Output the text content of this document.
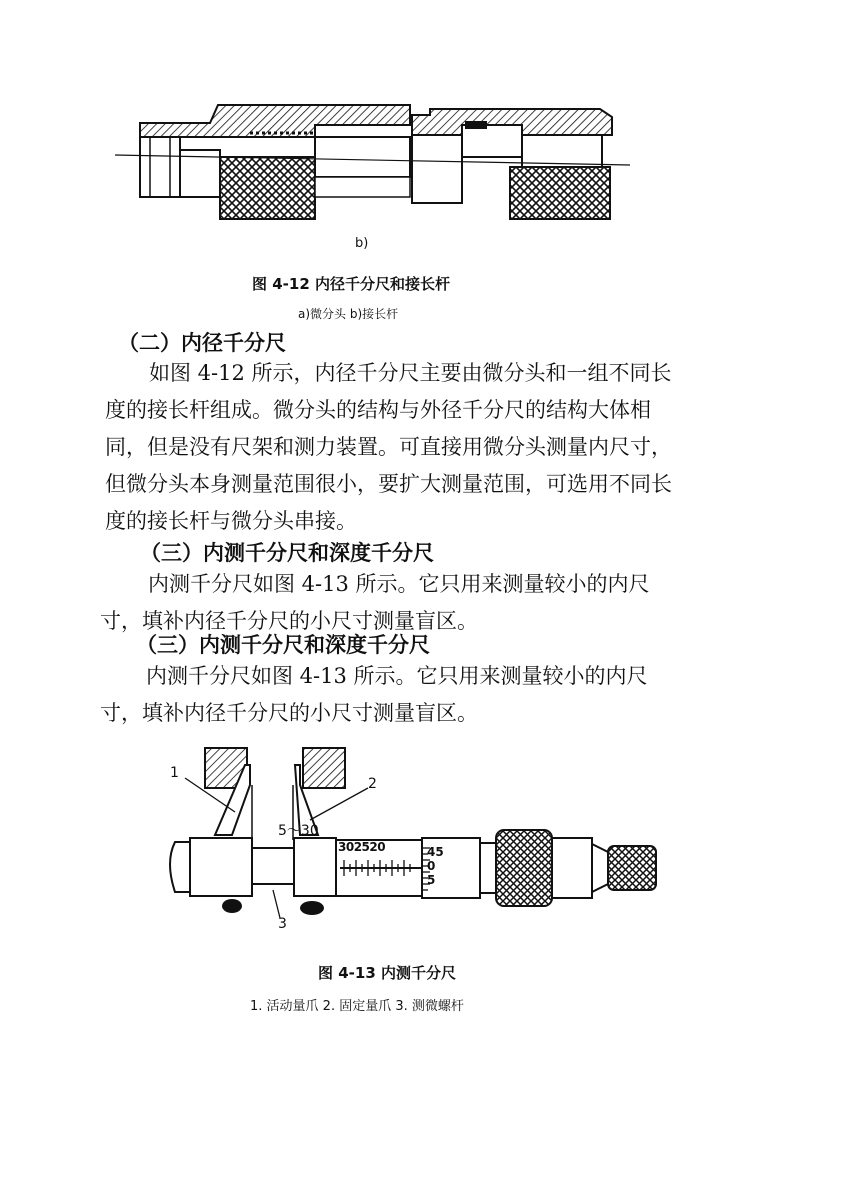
b)
图 4-12 内径千分尺和接长杆
a)微分头 b)接长杆
（二）内径千分尺
如图 4-12 所示，内径千分尺主要由微分头和一组不同长
度的接长杆组成。微分头的结构与外径千分尺的结构大体相
同，但是没有尺架和测力装置。可直接用微分头测量内尺寸，
但微分头本身测量范围很小，要扩大测量范围，可选用不同长
度的接长杆与微分头串接。
（三）内测千分尺和深度千分尺
内测千分尺如图 4-13 所示。它只用来测量较小的内尺
寸，填补内径千分尺的小尺寸测量盲区。
（三）内测千分尺和深度千分尺
内测千分尺如图 4-13 所示。它只用来测量较小的内尺
寸，填补内径千分尺的小尺寸测量盲区。
1
2
3
5～30
302520	45
0
5
图 4-13 内测千分尺
1. 活动量爪 2. 固定量爪 3. 测微螺杆
